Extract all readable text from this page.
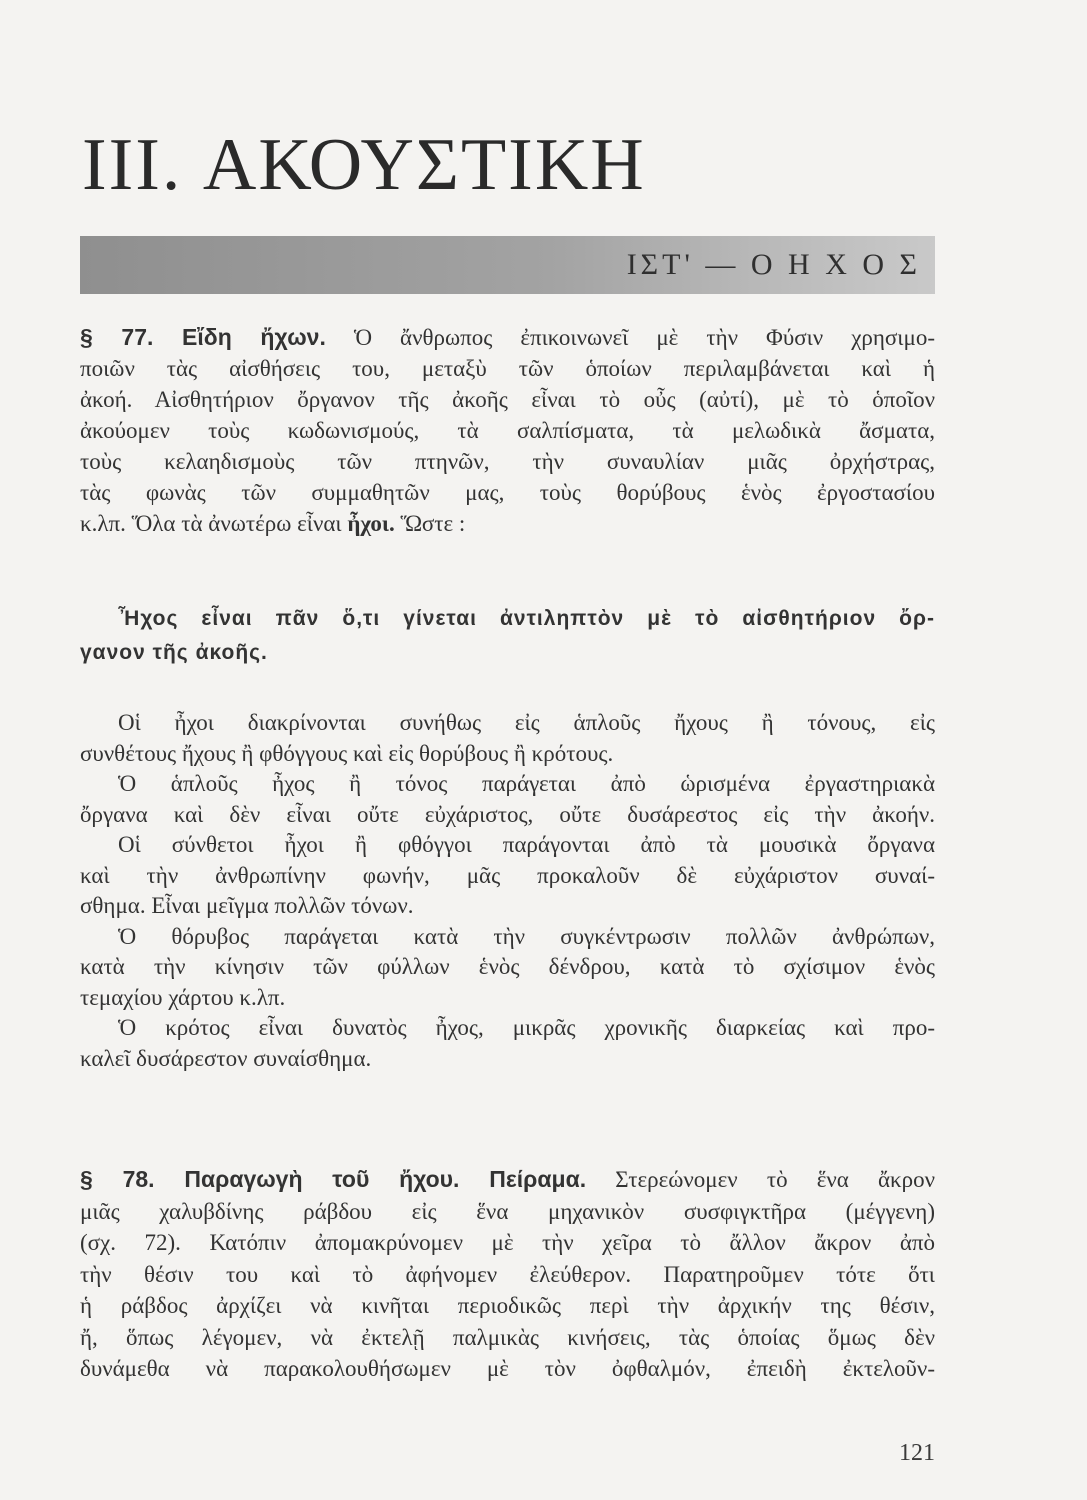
III. ΑΚΟΥΣΤΙΚΗ
ΙΣΤ' — Ο Η Χ Ο Σ
§ 77. Εἴδη ἤχων. Ὁ ἄνθρωπος ἐπικοινωνεῖ μὲ τὴν Φύσιν χρησιμο-
ποιῶν τὰς αἰσθήσεις του, μεταξὺ τῶν ὁποίων περιλαμβάνεται καὶ ἡ
ἀκοή. Αἰσθητήριον ὄργανον τῆς ἀκοῆς εἶναι τὸ οὖς (αὐτί), μὲ τὸ ὁποῖον
ἀκούομεν τοὺς κωδωνισμούς, τὰ σαλπίσματα, τὰ μελωδικὰ ἄσματα,
τοὺς κελαηδισμοὺς τῶν πτηνῶν, τὴν συναυλίαν μιᾶς ὀρχήστρας,
τὰς φωνὰς τῶν συμμαθητῶν μας, τοὺς θορύβους ἑνὸς ἐργοστασίου
κ.λπ. Ὅλα τὰ ἀνωτέρω εἶναι ἦχοι. Ὥστε :
Ἦχος εἶναι πᾶν ὅ,τι γίνεται ἀντιληπτὸν μὲ τὸ αἰσθητήριον ὄρ-
γανον τῆς ἀκοῆς.
Οἱ ἦχοι διακρίνονται συνήθως εἰς ἁπλοῦς ἤχους ἢ τόνους, εἰς
συνθέτους ἤχους ἢ φθόγγους καὶ εἰς θορύβους ἢ κρότους.
Ὁ ἁπλοῦς ἦχος ἢ τόνος παράγεται ἀπὸ ὡρισμένα ἐργαστηριακὰ
ὄργανα καὶ δὲν εἶναι οὔτε εὐχάριστος, οὔτε δυσάρεστος εἰς τὴν ἀκοήν.
Οἱ σύνθετοι ἦχοι ἢ φθόγγοι παράγονται ἀπὸ τὰ μουσικὰ ὄργανα
καὶ τὴν ἀνθρωπίνην φωνήν, μᾶς προκαλοῦν δὲ εὐχάριστον συναί-
σθημα. Εἶναι μεῖγμα πολλῶν τόνων.
Ὁ θόρυβος παράγεται κατὰ τὴν συγκέντρωσιν πολλῶν ἀνθρώπων,
κατὰ τὴν κίνησιν τῶν φύλλων ἑνὸς δένδρου, κατὰ τὸ σχίσιμον ἑνὸς
τεμαχίου χάρτου κ.λπ.
Ὁ κρότος εἶναι δυνατὸς ἦχος, μικρᾶς χρονικῆς διαρκείας καὶ προ-
καλεῖ δυσάρεστον συναίσθημα.
§ 78. Παραγωγὴ τοῦ ἤχου. Πείραμα. Στερεώνομεν τὸ ἕνα ἄκρον
μιᾶς χαλυβδίνης ράβδου εἰς ἕνα μηχανικὸν συσφιγκτῆρα (μέγγενη)
(σχ. 72). Κατόπιν ἀπομακρύνομεν μὲ τὴν χεῖρα τὸ ἄλλον ἄκρον ἀπὸ
τὴν θέσιν του καὶ τὸ ἀφήνομεν ἐλεύθερον. Παρατηροῦμεν τότε ὅτι
ἡ ράβδος ἀρχίζει νὰ κινῆται περιοδικῶς περὶ τὴν ἀρχικήν της θέσιν,
ἤ, ὅπως λέγομεν, νὰ ἐκτελῇ παλμικὰς κινήσεις, τὰς ὁποίας ὅμως δὲν
δυνάμεθα νὰ παρακολουθήσωμεν μὲ τὸν ὀφθαλμόν, ἐπειδὴ ἐκτελοῦν-
121
